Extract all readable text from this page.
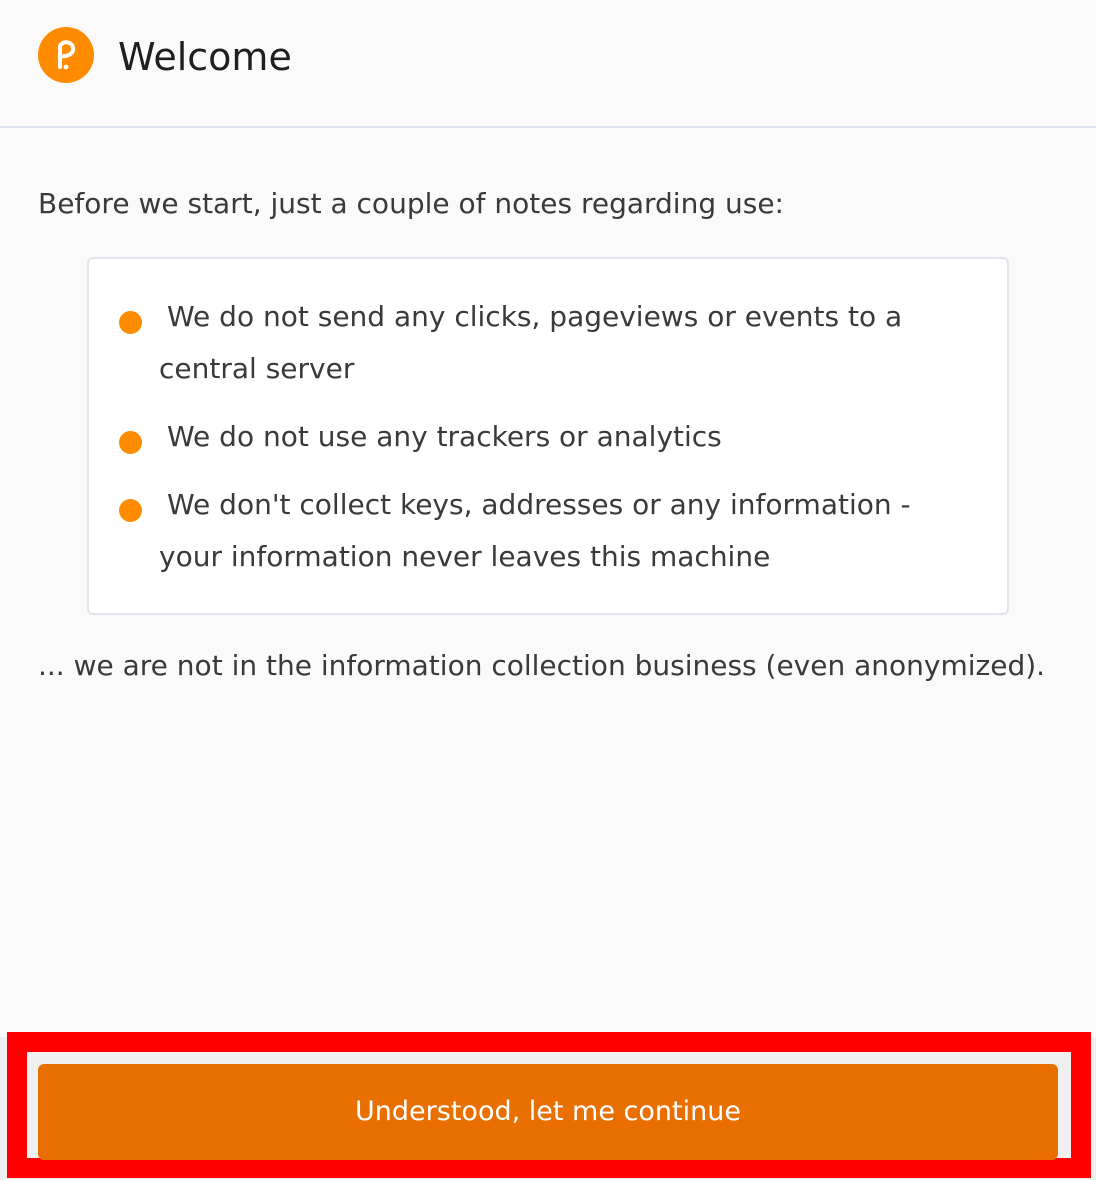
Welcome
Before we start, just a couple of notes regarding use:
We do not send any clicks, pageviews or events to a central server
We do not use any trackers or analytics
We don't collect keys, addresses or any information - your information never leaves this machine
... we are not in the information collection business (even anonymized).
Understood, let me continue
